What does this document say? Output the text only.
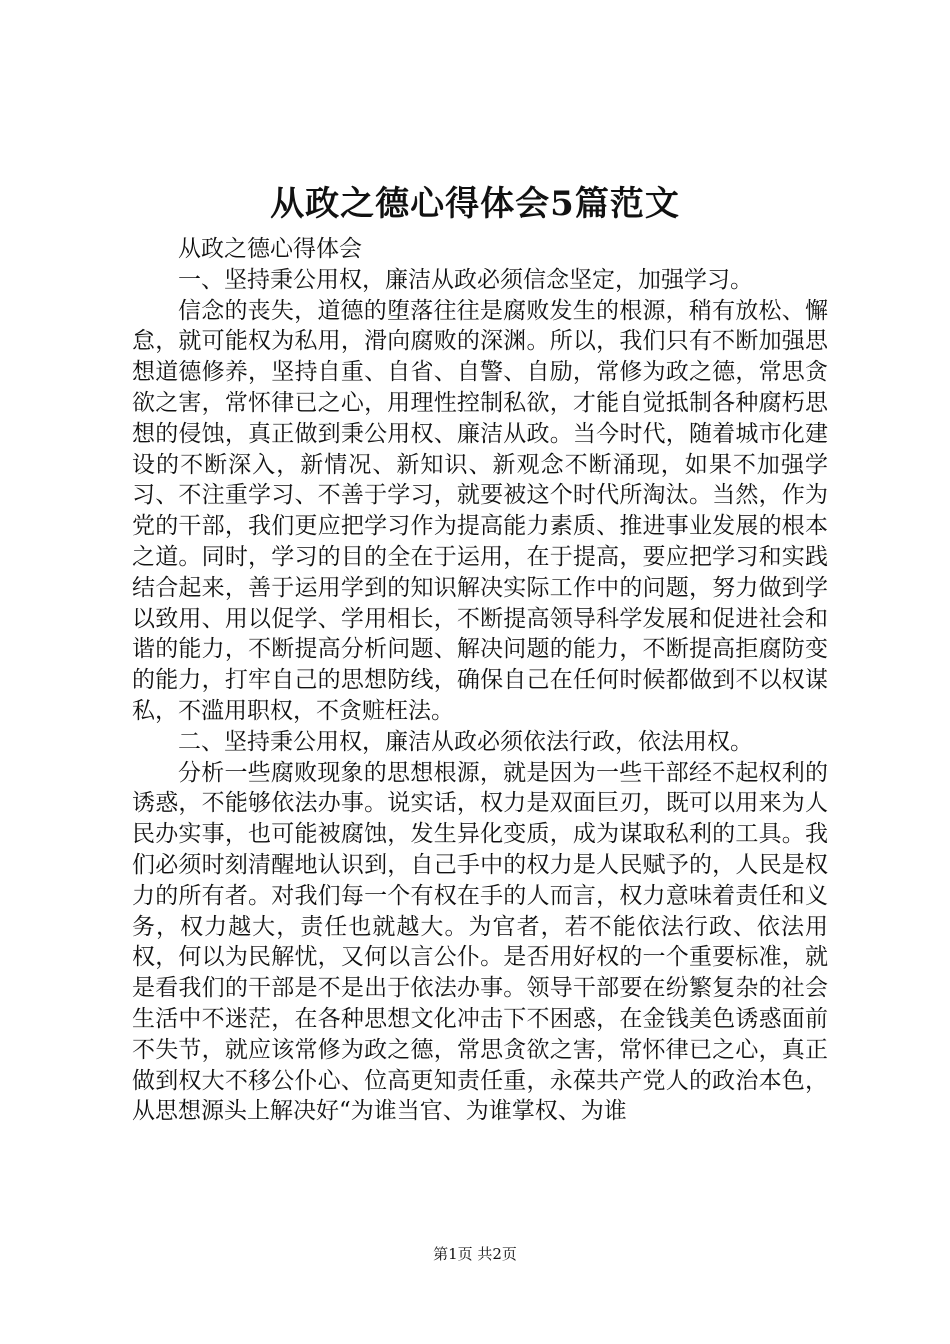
从政之德心得体会5篇范文

从政之德心得体会

一、坚持秉公用权，廉洁从政必须信念坚定，加强学习。

信念的丧失，道德的堕落往往是腐败发生的根源，稍有放松、懈怠，就可能权为私用，滑向腐败的深渊。所以，我们只有不断加强思想道德修养，坚持自重、自省、自警、自励，常修为政之德，常思贪欲之害，常怀律已之心，用理性控制私欲，才能自觉抵制各种腐朽思想的侵蚀，真正做到秉公用权、廉洁从政。当今时代，随着城市化建设的不断深入，新情况、新知识、新观念不断涌现，如果不加强学习、不注重学习、不善于学习，就要被这个时代所淘汰。当然，作为党的干部，我们更应把学习作为提高能力素质、推进事业发展的根本之道。同时，学习的目的全在于运用，在于提高，要应把学习和实践结合起来，善于运用学到的知识解决实际工作中的问题，努力做到学以致用、用以促学、学用相长，不断提高领导科学发展和促进社会和谐的能力，不断提高分析问题、解决问题的能力，不断提高拒腐防变的能力，打牢自己的思想防线，确保自己在任何时候都做到不以权谋私，不滥用职权，不贪赃枉法。

二、坚持秉公用权，廉洁从政必须依法行政，依法用权。

分析一些腐败现象的思想根源，就是因为一些干部经不起权利的诱惑，不能够依法办事。说实话，权力是双面巨刃，既可以用来为人民办实事，也可能被腐蚀，发生异化变质，成为谋取私利的工具。我们必须时刻清醒地认识到，自己手中的权力是人民赋予的，人民是权力的所有者。对我们每一个有权在手的人而言，权力意味着责任和义务，权力越大，责任也就越大。为官者，若不能依法行政、依法用权，何以为民解忧，又何以言公仆。是否用好权的一个重要标准，就是看我们的干部是不是出于依法办事。领导干部要在纷繁复杂的社会生活中不迷茫，在各种思想文化冲击下不困惑，在金钱美色诱惑面前不失节，就应该常修为政之德，常思贪欲之害，常怀律已之心，真正做到权大不移公仆心、位高更知责任重，永葆共产党人的政治本色，从思想源头上解决好“为谁当官、为谁掌权、为谁

第1页 共2页
